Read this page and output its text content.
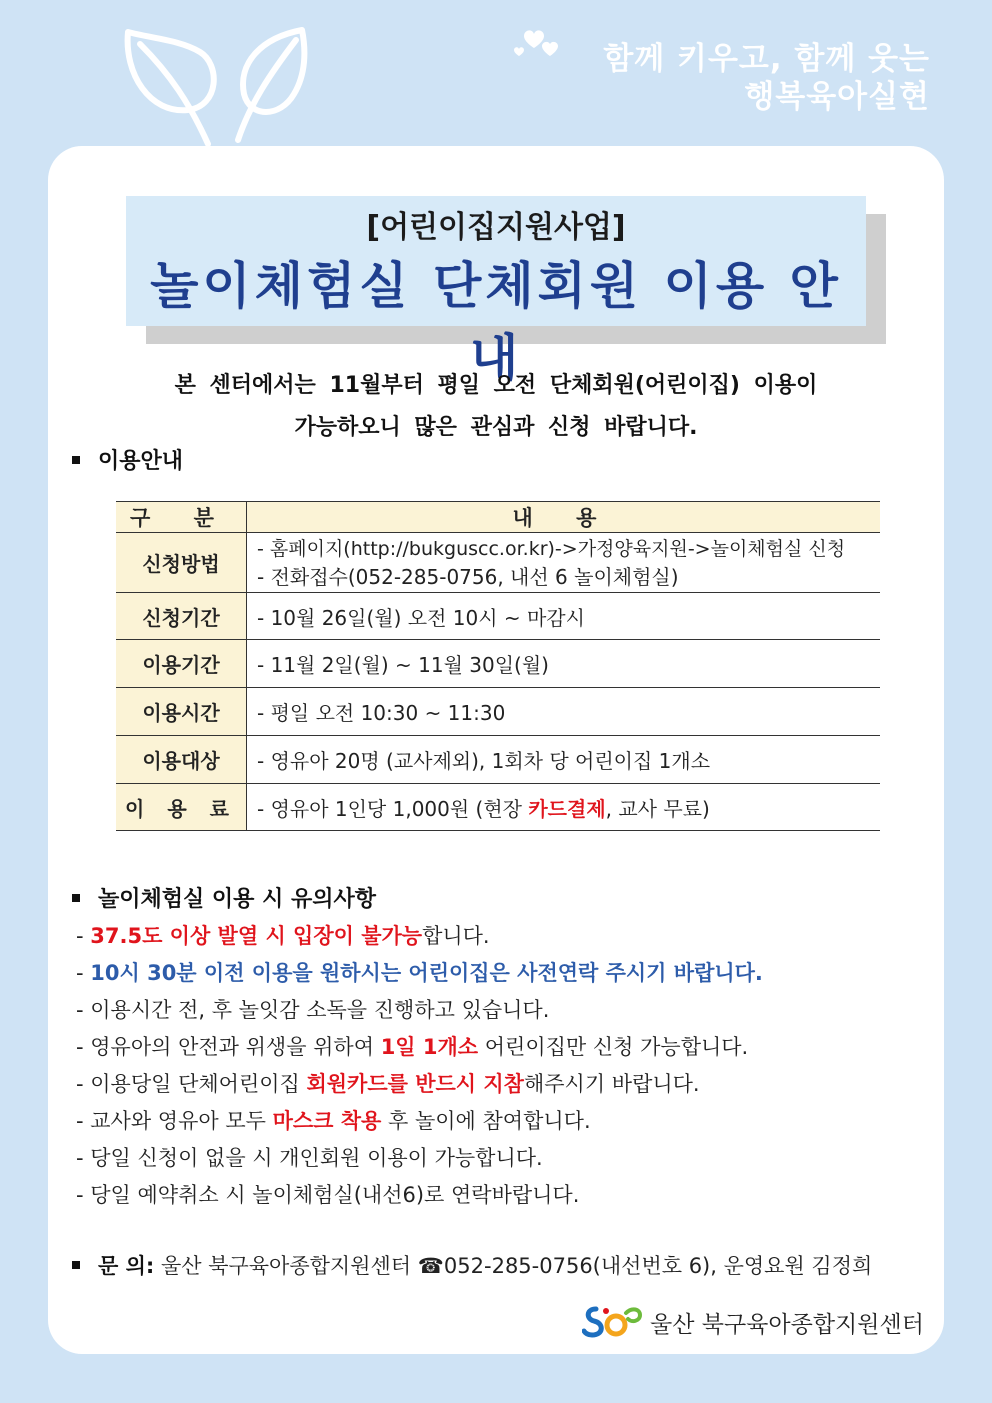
함께 키우고, 함께 웃는
행복육아실현
[어린이집지원사업]
놀이체험실 단체회원 이용 안내
본 센터에서는 11월부터 평일 오전 단체회원(어린이집) 이용이
가능하오니 많은 관심과 신청 바랍니다.
이용안내
구 분	내 용
신청방법	- 홈페이지(http://bukguscc.or.kr)->가정양육지원->놀이체험실 신청
- 전화접수(052-285-0756, 내선 6 놀이체험실)

신청기간	- 10월 26일(월) 오전 10시 ~ 마감시
이용기간	- 11월 2일(월) ~ 11월 30일(월)
이용시간	- 평일 오전 10:30 ~ 11:30
이용대상	- 영유아 20명 (교사제외), 1회차 당 어린이집 1개소
이 용 료	- 영유아 1인당 1,000원 (현장 카드결제, 교사 무료)
놀이체험실 이용 시 유의사항
- 37.5도 이상 발열 시 입장이 불가능합니다.
- 10시 30분 이전 이용을 원하시는 어린이집은 사전연락 주시기 바랍니다.
- 이용시간 전, 후 놀잇감 소독을 진행하고 있습니다.
- 영유아의 안전과 위생을 위하여 1일 1개소 어린이집만 신청 가능합니다.
- 이용당일 단체어린이집 회원카드를 반드시 지참해주시기 바랍니다.
- 교사와 영유아 모두 마스크 착용 후 놀이에 참여합니다.
- 당일 신청이 없을 시 개인회원 이용이 가능합니다.
- 당일 예약취소 시 놀이체험실(내선6)로 연락바랍니다.
문 의: 울산 북구육아종합지원센터 ☎052-285-0756(내선번호 6), 운영요원 김정희
울산 북구육아종합지원센터
